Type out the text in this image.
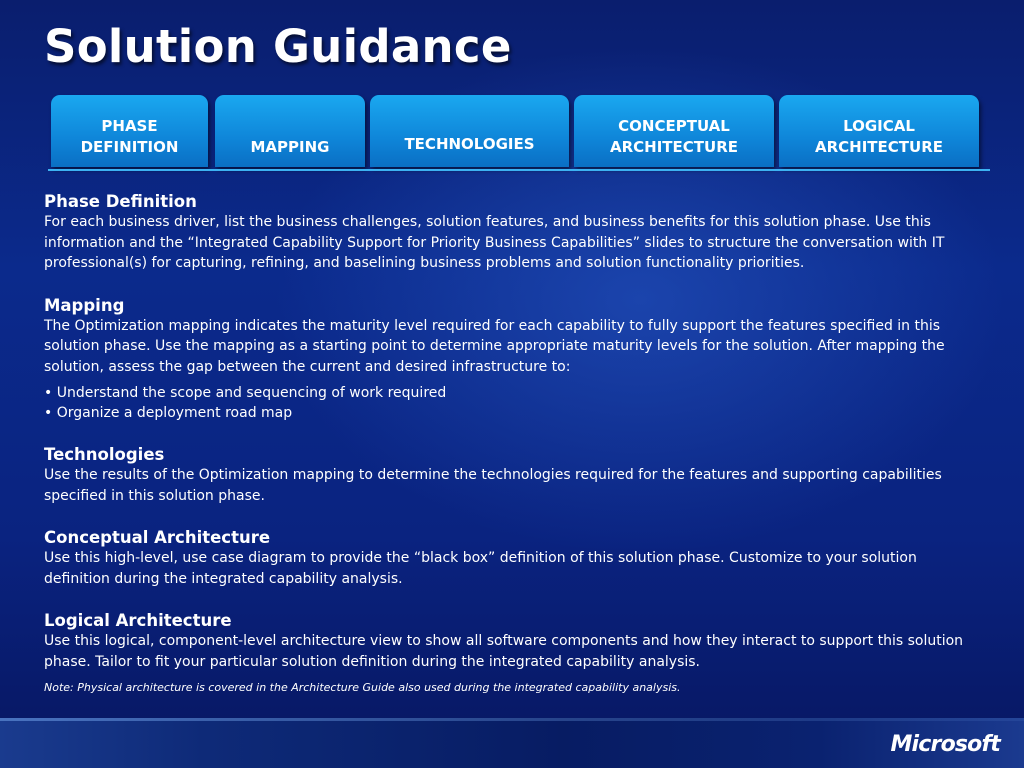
Solution Guidance
PHASE
DEFINITION	MAPPING	TECHNOLOGIES
CONCEPTUAL
ARCHITECTURE
LOGICAL
ARCHITECTURE

Phase Definition

For each business driver, list the business challenges, solution features, and business benefits for this solution phase. Use this information and the “Integrated Capability Support for Priority Business Capabilities” slides to structure the conversation with IT professional(s) for capturing, refining, and baselining business problems and solution functionality priorities.

Mapping

The Optimization mapping indicates the maturity level required for each capability to fully support the features specified in this solution phase. Use the mapping as a starting point to determine appropriate maturity levels for the solution. After mapping the solution, assess the gap between the current and desired infrastructure to:

• Understand the scope and sequencing of work required
• Organize a deployment road map

Technologies

Use the results of the Optimization mapping to determine the technologies required for the features and supporting capabilities specified in this solution phase.

Conceptual Architecture

Use this high-level, use case diagram to provide the “black box” definition of this solution phase. Customize to your solution definition during the integrated capability analysis.

Logical Architecture

Use this logical, component-level architecture view to show all software components and how they interact to support this solution phase. Tailor to fit your particular solution definition during the integrated capability analysis.

Note: Physical architecture is covered in the Architecture Guide also used during the integrated capability analysis.

Microsoft
